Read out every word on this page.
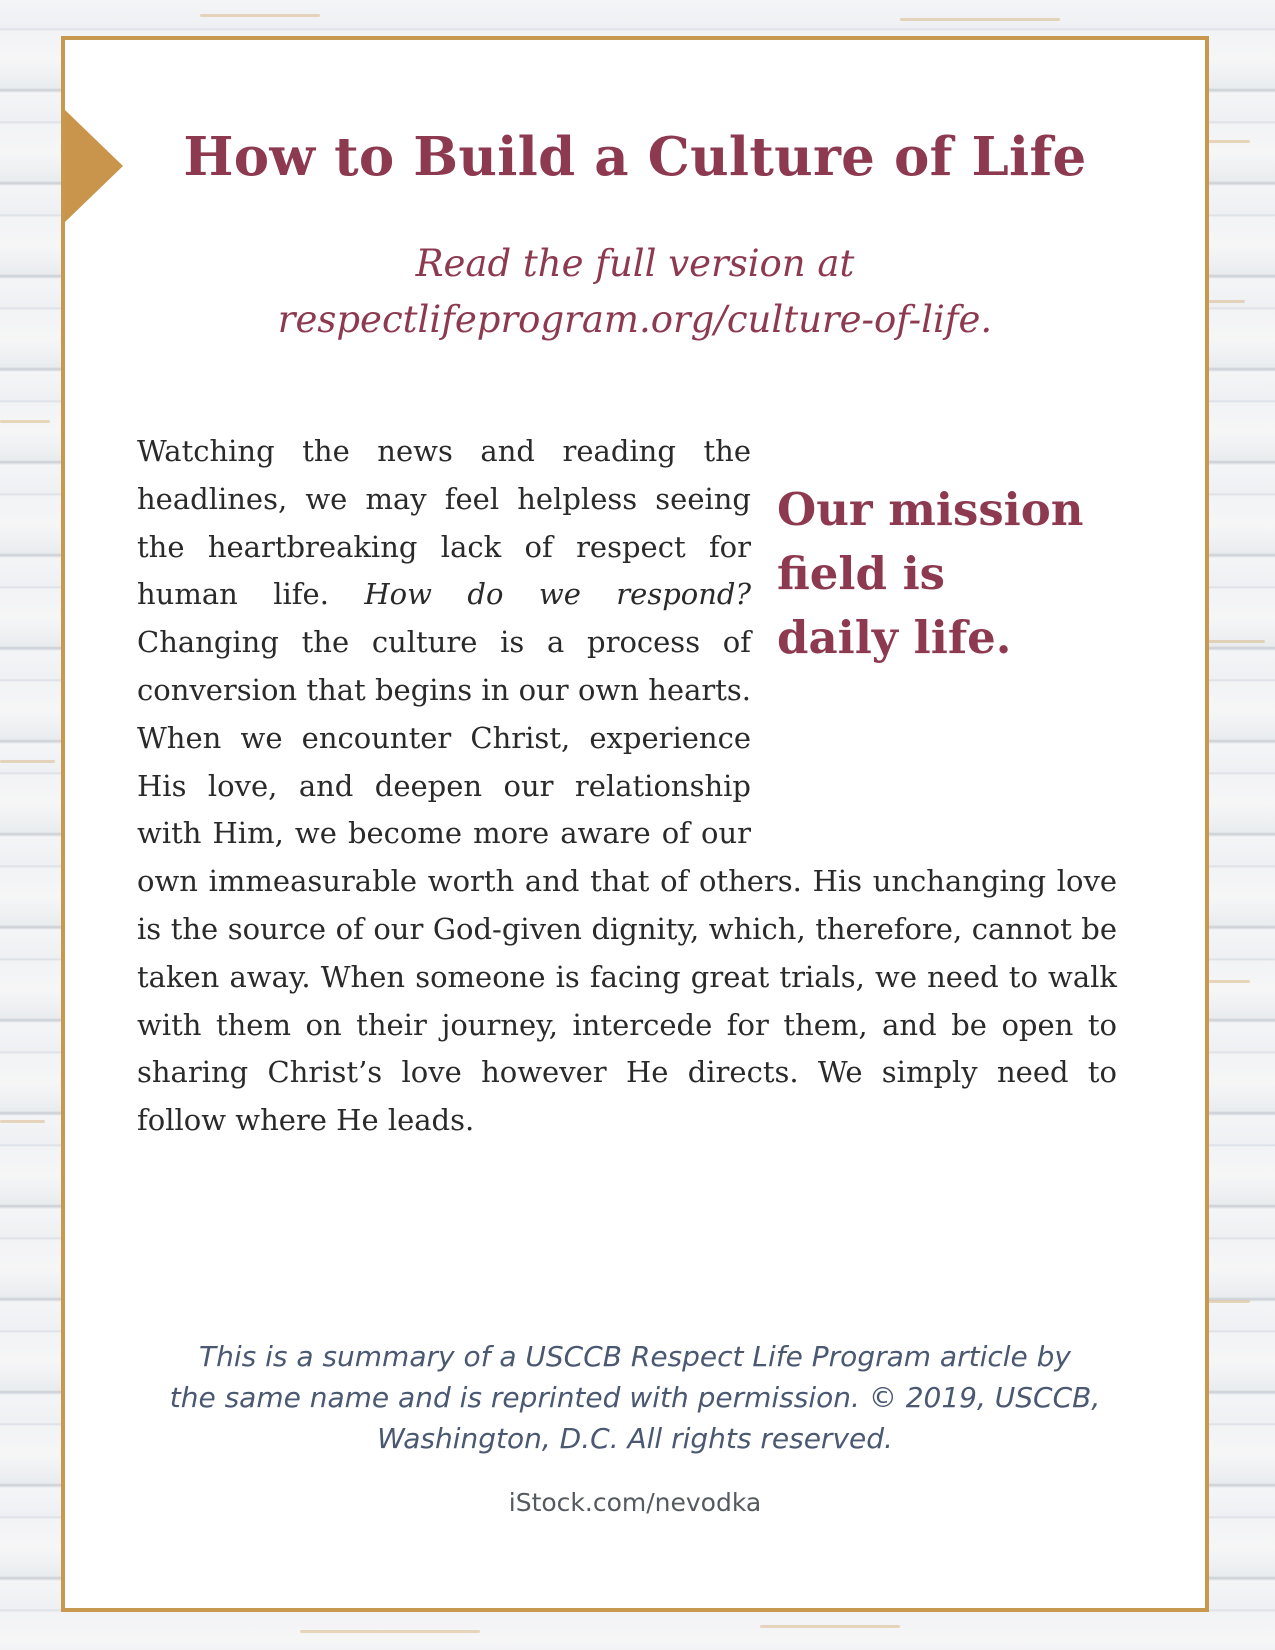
How to Build a Culture of Life
Read the full version at
respectlifeprogram.org/culture-of-life.
Our mission
field is
daily life.

Watching the news and reading the headlines, we may feel helpless seeing the heartbreaking lack of respect for human life. How do we respond? Changing the culture is a process of conversion that begins in our own hearts. When we encounter Christ, experience His love, and deepen our relationship with Him, we become more aware of our own immeasurable worth and that of others. His unchanging love is the source of our God-given dignity, which, therefore, cannot be taken away. When someone is facing great trials, we need to walk with them on their journey, intercede for them, and be open to sharing Christ’s love however He directs. We simply need to follow where He leads.

This is a summary of a USCCB Respect Life Program article by
the same name and is reprinted with permission. © 2019, USCCB,
Washington, D.C. All rights reserved.
iStock.com/nevodka
